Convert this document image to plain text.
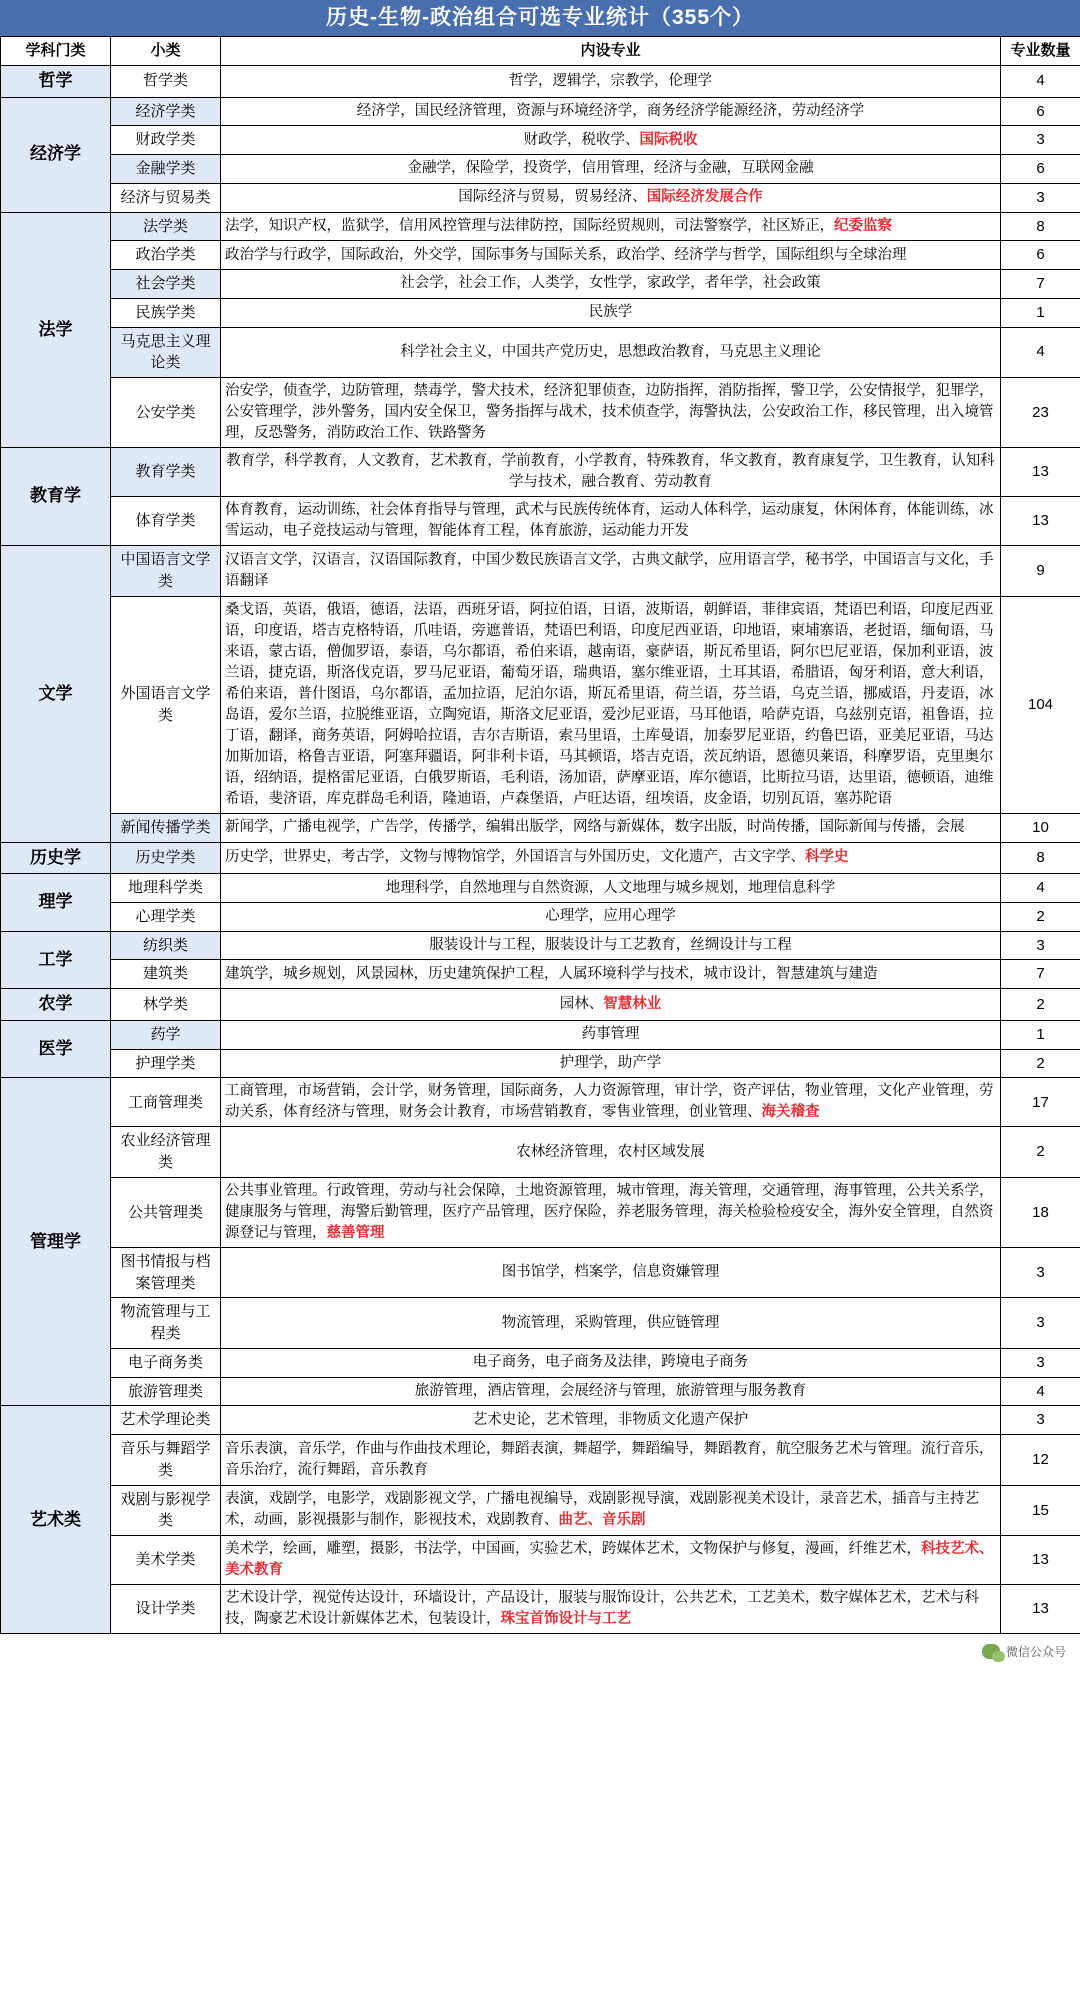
历史-生物-政治组合可选专业统计（355个）
学科门类	小类	内设专业	专业数量
哲学	哲学类	哲学，逻辑学，宗教学，伦理学	4
经济学	经济学类	经济学，国民经济管理，资源与环境经济学，商务经济学能源经济，劳动经济学	6
	财政学类	财政学，税收学、国际税收	3
	金融学类	金融学，保险学，投资学，信用管理，经济与金融，互联网金融	6
	经济与贸易类	国际经济与贸易，贸易经济、国际经济发展合作	3
法学	法学类	法学，知识产权，监狱学，信用风控管理与法律防控，国际经贸规则，司法警察学，社区矫正，纪委监察	8
	政治学类	政治学与行政学，国际政治，外交学，国际事务与国际关系，政治学、经济学与哲学，国际组织与全球治理	6
	社会学类	社会学，社会工作，人类学，女性学，家政学，者年学，社会政策	7
	民族学类	民族学	1
	马克思主义理论类	科学社会主义，中国共产党历史，思想政治教育，马克思主义理论	4
	公安学类	治安学，侦查学，边防管理，禁毒学，警犬技术，经济犯罪侦查，边防指挥，消防指挥，警卫学，公安情报学，犯罪学，公安管理学，涉外警务，国内安全保卫，警务指挥与战术，技术侦查学，海警执法，公安政治工作，移民管理，出入境管理，反恐警务，消防政治工作、铁路警务	23
教育学	教育学类	教育学，科学教育，人文教育，艺术教育，学前教育，小学教育，特殊教育，华文教育，教育康复学，卫生教育，认知科学与技术，融合教育、劳动教育	13
	体育学类	体育教育，运动训练，社会体育指导与管理，武术与民族传统体育，运动人体科学，运动康复，休闲体育，体能训练，冰雪运动，电子竞技运动与管理，智能体育工程，体育旅游，运动能力开发	13
文学	中国语言文学类	汉语言文学，汉语言，汉语国际教育，中国少数民族语言文学，古典文献学，应用语言学，秘书学，中国语言与文化，手语翻译	9
	外国语言文学类	桑戈语，英语，俄语，德语，法语，西班牙语，阿拉伯语，日语，波斯语，朝鲜语，菲律宾语，梵语巴利语，印度尼西亚语，印度语，塔吉克格特语，爪哇语，旁遮普语，梵语巴利语，印度尼西亚语，印地语，柬埔寨语，老挝语，缅甸语，马来语，蒙古语，僧伽罗语，泰语，乌尔都语，希伯来语，越南语，豪萨语，斯瓦希里语，阿尔巴尼亚语，保加利亚语，波兰语，捷克语，斯洛伐克语，罗马尼亚语，葡萄牙语，瑞典语，塞尔维亚语，土耳其语，希腊语，匈牙利语，意大利语，希伯来语，普什图语，乌尔都语，孟加拉语，尼泊尔语，斯瓦希里语，荷兰语，芬兰语，乌克兰语，挪威语，丹麦语，冰岛语，爱尔兰语，拉脱维亚语，立陶宛语，斯洛文尼亚语，爱沙尼亚语，马耳他语，哈萨克语，乌兹别克语，祖鲁语，拉丁语，翻译，商务英语，阿姆哈拉语，吉尔吉斯语，索马里语，土库曼语，加泰罗尼亚语，约鲁巴语，亚美尼亚语，马达加斯加语，格鲁吉亚语，阿塞拜疆语，阿非利卡语，马其顿语，塔吉克语，茨瓦纳语，恩德贝莱语，科摩罗语，克里奥尔语，绍纳语，提格雷尼亚语，白俄罗斯语，毛利语，汤加语，萨摩亚语，库尔德语，比斯拉马语，达里语，德顿语，迪维希语，斐济语，库克群岛毛利语，隆迪语，卢森堡语，卢旺达语，纽埃语，皮金语，切别瓦语，塞苏陀语	104
	新闻传播学类	新闻学，广播电视学，广告学，传播学，编辑出版学，网络与新媒体，数字出版，时尚传播，国际新闻与传播，会展	10
历史学	历史学类	历史学，世界史，考古学，文物与博物馆学，外国语言与外国历史，文化遗产，古文字学、科学史	8
理学	地理科学类	地理科学，自然地理与自然资源，人文地理与城乡规划，地理信息科学	4
	心理学类	心理学，应用心理学	2
工学	纺织类	服装设计与工程，服装设计与工艺教育，丝绸设计与工程	3
	建筑类	建筑学，城乡规划，风景园林，历史建筑保护工程，人属环境科学与技术，城市设计，智慧建筑与建造	7
农学	林学类	园林、智慧林业	2
医学	药学	药事管理	1
	护理学类	护理学，助产学	2
管理学	工商管理类	工商管理，市场营销，会计学，财务管理，国际商务，人力资源管理，审计学，资产评估，物业管理，文化产业管理，劳动关系，体育经济与管理，财务会计教育，市场营销教育，零售业管理，创业管理、海关稽查	17
	农业经济管理类	农林经济管理，农村区域发展	2
	公共管理类	公共事业管理。行政管理，劳动与社会保障，土地资源管理，城市管理，海关管理，交通管理，海事管理，公共关系学，健康服务与管理，海警后勤管理，医疗产品管理，医疗保险，养老服务管理，海关检验检疫安全，海外安全管理，自然资源登记与管理，慈善管理	18
	图书情报与档案管理类	图书馆学，档案学，信息资嫌管理	3
	物流管理与工程类	物流管理，采购管理，供应链管理	3
	电子商务类	电子商务，电子商务及法律，跨境电子商务	3
	旅游管理类	旅游管理，酒店管理，会展经济与管理，旅游管理与服务教育	4
艺术类	艺术学理论类	艺术史论，艺术管理，非物质文化遗产保护	3
	音乐与舞蹈学类	音乐表演，音乐学，作曲与作曲技术理论，舞蹈表演，舞超学，舞蹈编导，舞蹈教育，航空服务艺术与管理。流行音乐，音乐治疗，流行舞蹈，音乐教育	12
	戏剧与影视学类	表演，戏剧学，电影学，戏剧影视文学，广播电视编导，戏剧影视导演，戏剧影视美术设计，录音艺术，插音与主持艺术，动画，影视摄影与制作，影视技术，戏剧教育、曲艺、音乐剧	15
	美术学类	美术学，绘画，雕塑，摄影，书法学，中国画，实验艺术，跨媒体艺术，文物保护与修复，漫画，纤维艺术，科技艺术、美术教育	13
	设计学类	艺术设计学，视觉传达设计，环墙设计，产品设计，服装与服饰设计，公共艺术，工艺美术，数字媒体艺术，艺术与科技，陶豪艺术设计新媒体艺术，包装设计，珠宝首饰设计与工艺	13
微信公众号
